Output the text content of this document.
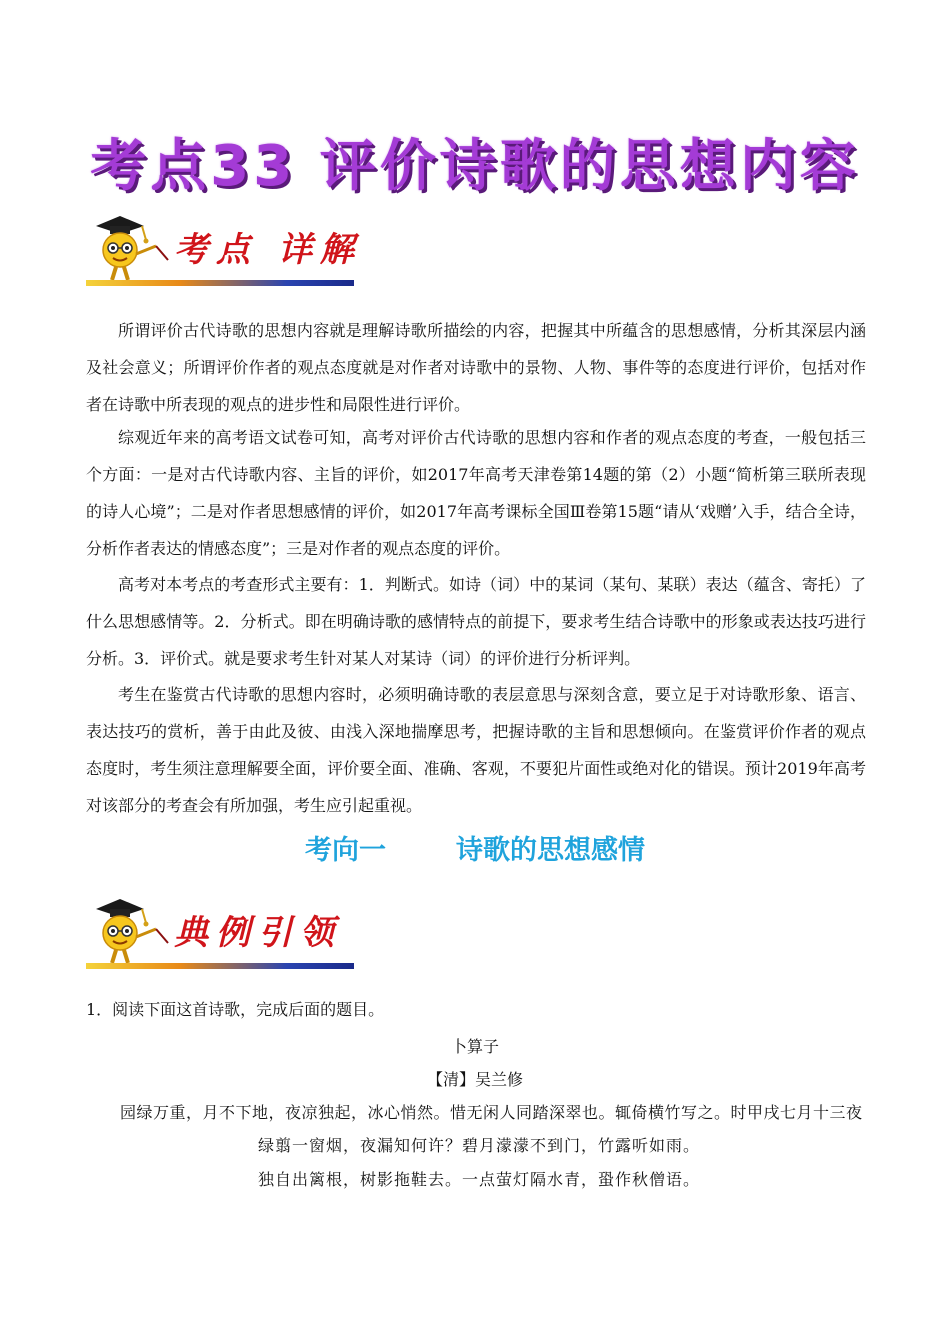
考点33 评价诗歌的思想内容
考点 详解

所谓评价古代诗歌的思想内容就是理解诗歌所描绘的内容，把握其中所蕴含的思想感情，分析其深层内涵及社会意义；所谓评价作者的观点态度就是对作者对诗歌中的景物、人物、事件等的态度进行评价，包括对作者在诗歌中所表现的观点的进步性和局限性进行评价。

综观近年来的高考语文试卷可知，高考对评价古代诗歌的思想内容和作者的观点态度的考查，一般包括三个方面：一是对古代诗歌内容、主旨的评价，如2017年高考天津卷第14题的第（2）小题“简析第三联所表现的诗人心境”；二是对作者思想感情的评价，如2017年高考课标全国Ⅲ卷第15题“请从‘戏赠’入手，结合全诗，分析作者表达的情感态度”；三是对作者的观点态度的评价。

高考对本考点的考查形式主要有：1．判断式。如诗（词）中的某词（某句、某联）表达（蕴含、寄托）了什么思想感情等。2．分析式。即在明确诗歌的感情特点的前提下，要求考生结合诗歌中的形象或表达技巧进行分析。3．评价式。就是要求考生针对某人对某诗（词）的评价进行分析评判。

考生在鉴赏古代诗歌的思想内容时，必须明确诗歌的表层意思与深刻含意，要立足于对诗歌形象、语言、表达技巧的赏析，善于由此及彼、由浅入深地揣摩思考，把握诗歌的主旨和思想倾向。在鉴赏评价作者的观点态度时，考生须注意理解要全面，评价要全面、准确、客观，不要犯片面性或绝对化的错误。预计2019年高考对该部分的考查会有所加强，考生应引起重视。

考向一	诗歌的思想感情
典例引领

1．阅读下面这首诗歌，完成后面的题目。

卜算子
【清】吴兰修
园绿万重，月不下地，夜凉独起，冰心悄然。惜无闲人同踏深翠也。辄倚横竹写之。时甲戌七月十三夜
绿翦一窗烟，夜漏知何许？碧月濛濛不到门，竹露听如雨。
独自出篱根，树影拖鞋去。一点萤灯隔水青，蛩作秋僧语。
